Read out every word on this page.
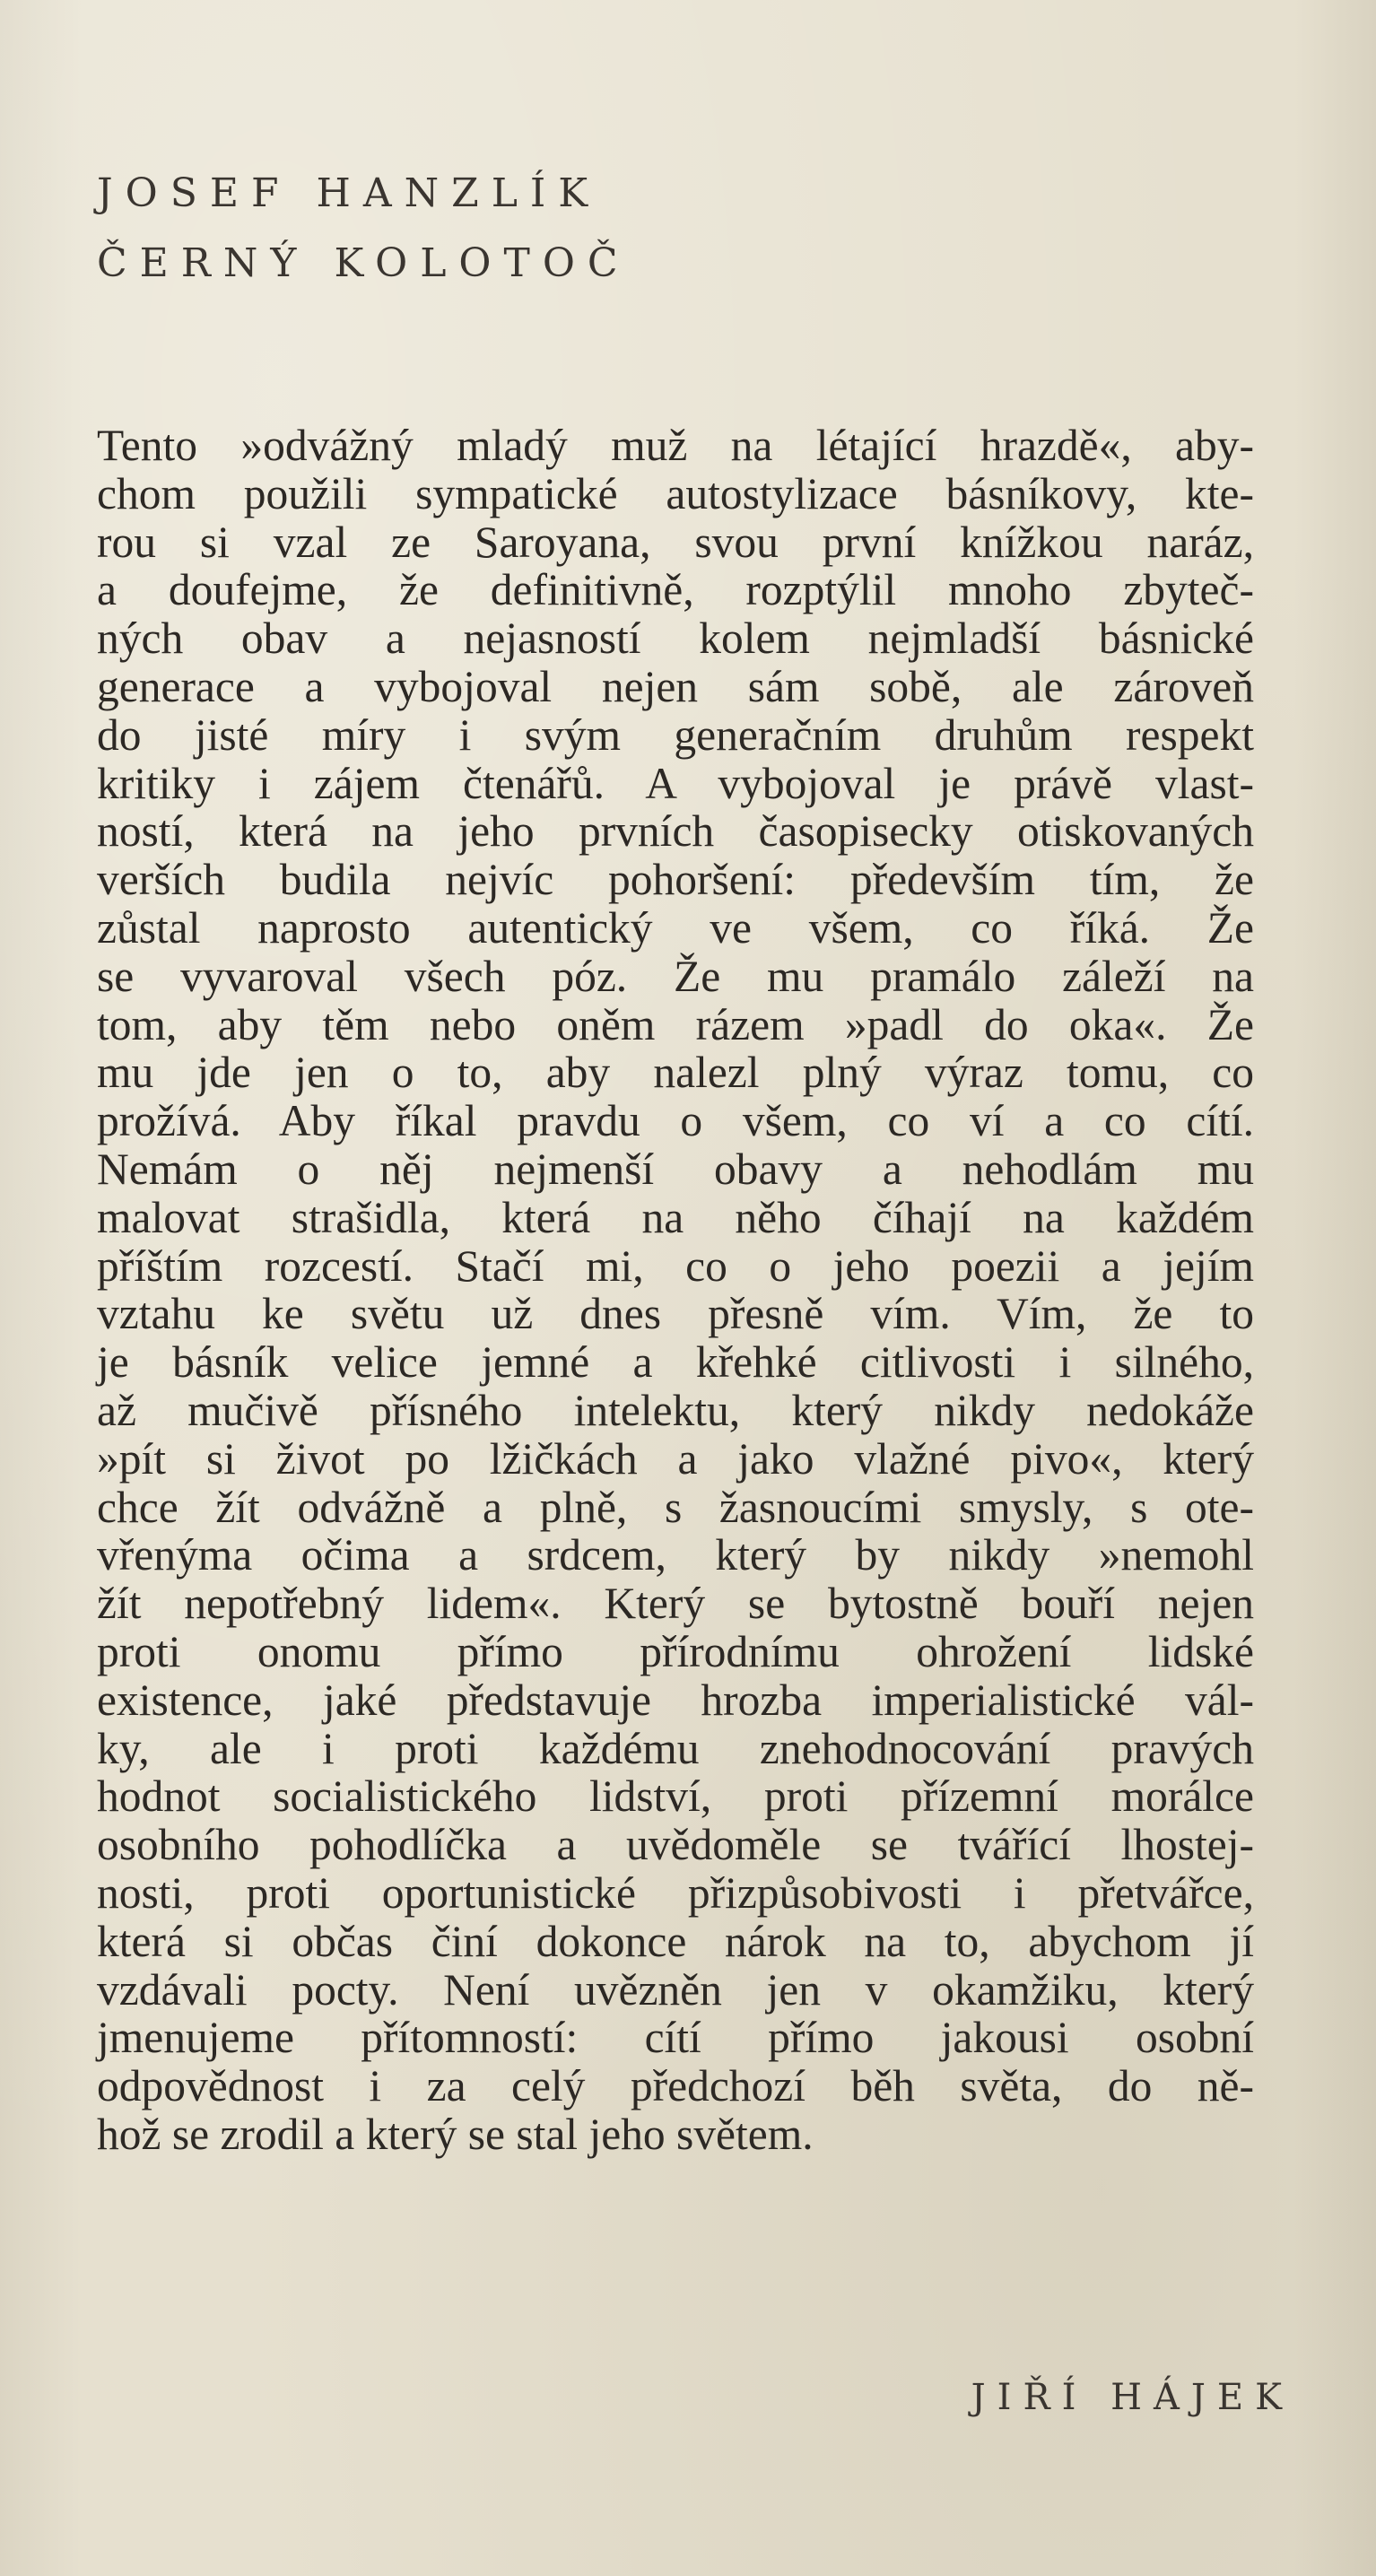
JOSEF HANZLÍK
ČERNÝ KOLOTOČ
Tento »odvážný mladý muž na létající hrazdě«, aby-
chom použili sympatické autostylizace básníkovy, kte-
rou si vzal ze Saroyana, svou první knížkou naráz,
a doufejme, že definitivně, rozptýlil mnoho zbyteč-
ných obav a nejasností kolem nejmladší básnické
generace a vybojoval nejen sám sobě, ale zároveň
do jisté míry i svým generačním druhům respekt
kritiky i zájem čtenářů. A vybojoval je právě vlast-
ností, která na jeho prvních časopisecky otiskovaných
verších budila nejvíc pohoršení: především tím, že
zůstal naprosto autentický ve všem, co říká. Že
se vyvaroval všech póz. Že mu pramálo záleží na
tom, aby těm nebo oněm rázem »padl do oka«. Že
mu jde jen o to, aby nalezl plný výraz tomu, co
prožívá. Aby říkal pravdu o všem, co ví a co cítí.
Nemám o něj nejmenší obavy a nehodlám mu
malovat strašidla, která na něho číhají na každém
příštím rozcestí. Stačí mi, co o jeho poezii a jejím
vztahu ke světu už dnes přesně vím. Vím, že to
je básník velice jemné a křehké citlivosti i silného,
až mučivě přísného intelektu, který nikdy nedokáže
»pít si život po lžičkách a jako vlažné pivo«, který
chce žít odvážně a plně, s žasnoucími smysly, s ote-
vřenýma očima a srdcem, který by nikdy »nemohl
žít nepotřebný lidem«. Který se bytostně bouří nejen
proti onomu přímo přírodnímu ohrožení lidské
existence, jaké představuje hrozba imperialistické vál-
ky, ale i proti každému znehodnocování pravých
hodnot socialistického lidství, proti přízemní morálce
osobního pohodlíčka a uvědoměle se tvářící lhostej-
nosti, proti oportunistické přizpůsobivosti i přetvářce,
která si občas činí dokonce nárok na to, abychom jí
vzdávali pocty. Není uvězněn jen v okamžiku, který
jmenujeme přítomností: cítí přímo jakousi osobní
odpovědnost i za celý předchozí běh světa, do ně-
hož se zrodil a který se stal jeho světem.
JIŘÍ HÁJEK
